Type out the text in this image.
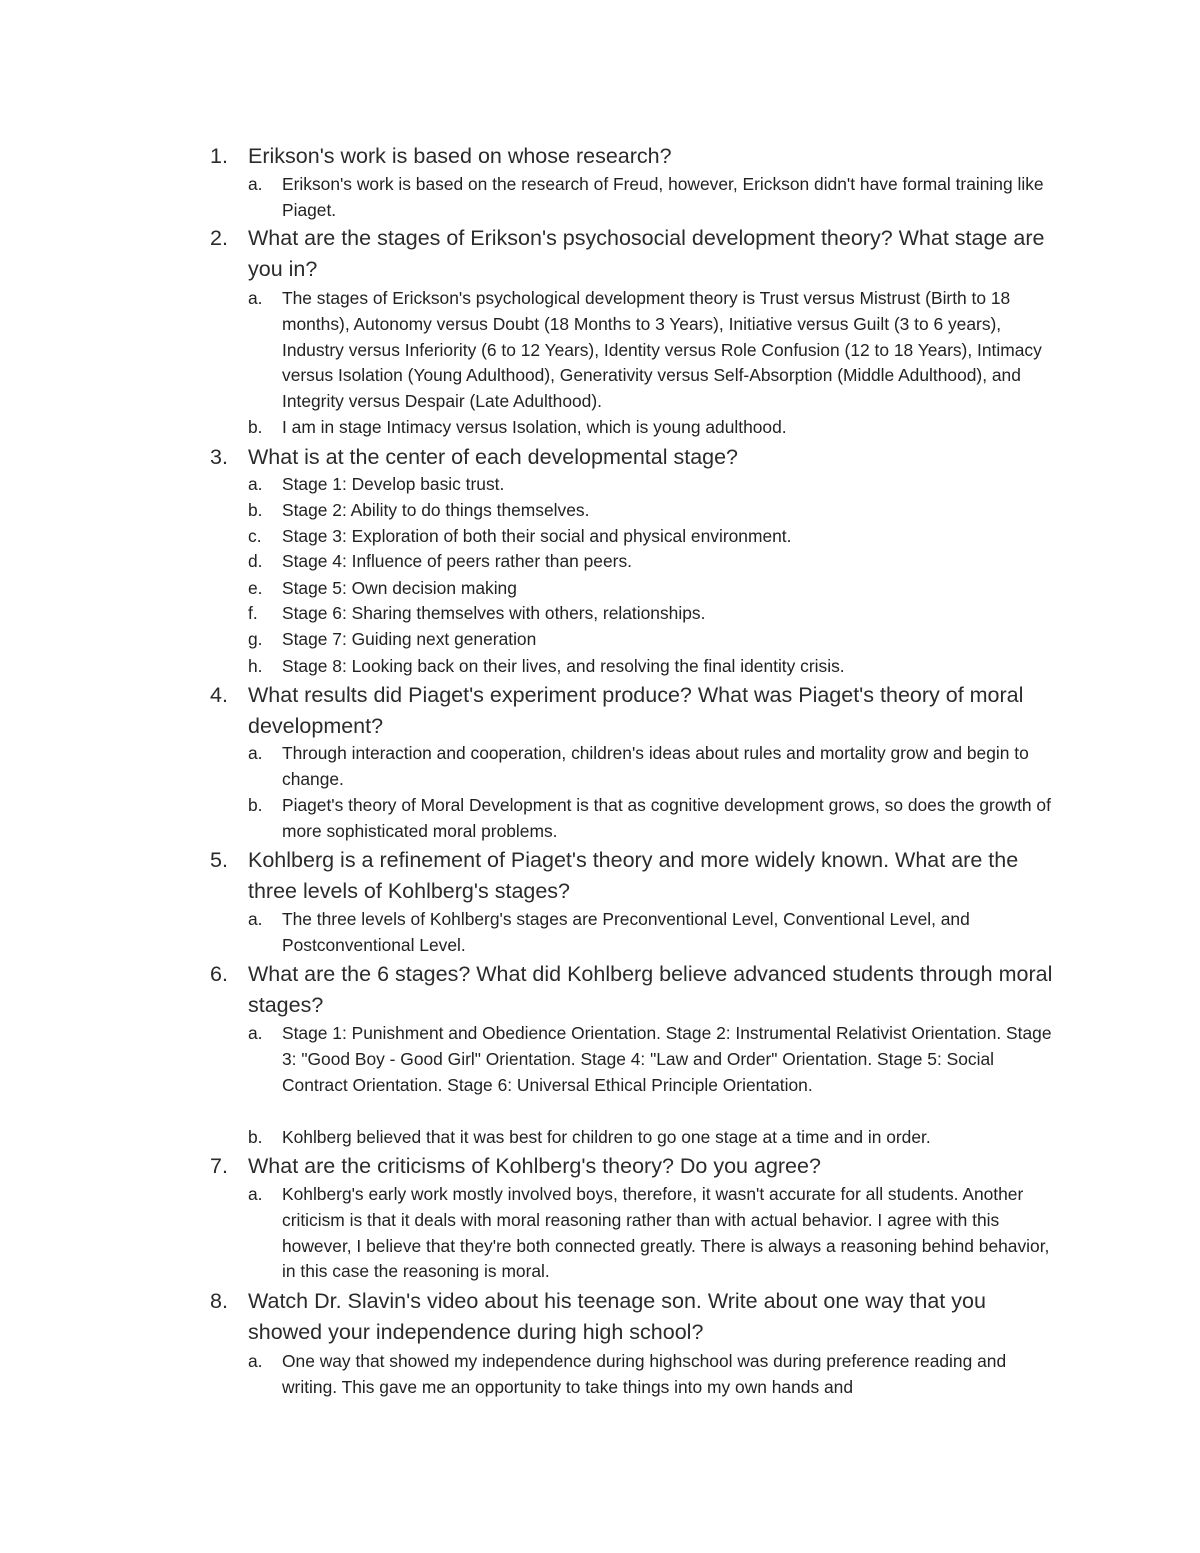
1. Erikson's work is based on whose research?
a.	Erikson's work is based on the research of Freud, however, Erickson didn't have formal training like Piaget.
2. What are the stages of Erikson's psychosocial development theory? What stage are you in?
a.	The stages of Erickson's psychological development theory is Trust versus Mistrust (Birth to 18 months), Autonomy versus Doubt (18 Months to 3 Years), Initiative versus Guilt (3 to 6 years), Industry versus Inferiority (6 to 12 Years), Identity versus Role Confusion (12 to 18 Years), Intimacy versus Isolation (Young Adulthood), Generativity versus Self-Absorption (Middle Adulthood), and Integrity versus Despair (Late Adulthood).
b.	I am in stage Intimacy versus Isolation, which is young adulthood.
3. What is at the center of each developmental stage?
a.	Stage 1: Develop basic trust.
b.	Stage 2: Ability to do things themselves.
c.	Stage 3: Exploration of both their social and physical environment.
d.	Stage 4: Influence of peers rather than peers.
e.	Stage 5: Own decision making
f.	Stage 6: Sharing themselves with others, relationships.
g.	Stage 7: Guiding next generation
h.	Stage 8: Looking back on their lives, and resolving the final identity crisis.
4. What results did Piaget's experiment produce? What was Piaget's theory of moral development?
a.	Through interaction and cooperation, children's ideas about rules and mortality grow and begin to change.
b.	Piaget's theory of Moral Development is that as cognitive development grows, so does the growth of more sophisticated moral problems.
5. Kohlberg is a refinement of Piaget's theory and more widely known. What are the three levels of Kohlberg's stages?
a.	The three levels of Kohlberg's stages are Preconventional Level, Conventional Level, and Postconventional Level.
6. What are the 6 stages? What did Kohlberg believe advanced students through moral stages?
a.	Stage 1: Punishment and Obedience Orientation. Stage 2: Instrumental Relativist Orientation. Stage 3: "Good Boy - Good Girl" Orientation. Stage 4: "Law and Order" Orientation. Stage 5: Social Contract Orientation. Stage 6: Universal Ethical Principle Orientation.
b.	Kohlberg believed that it was best for children to go one stage at a time and in order.
7. What are the criticisms of Kohlberg's theory? Do you agree?
a.	Kohlberg's early work mostly involved boys, therefore, it wasn't accurate for all students. Another criticism is that it deals with moral reasoning rather than with actual behavior. I agree with this however, I believe that they're both connected greatly. There is always a reasoning behind behavior, in this case the reasoning is moral.
8. Watch Dr. Slavin's video about his teenage son. Write about one way that you showed your independence during high school?
a.	One way that showed my independence during highschool was during preference reading and writing. This gave me an opportunity to take things into my own hands and
